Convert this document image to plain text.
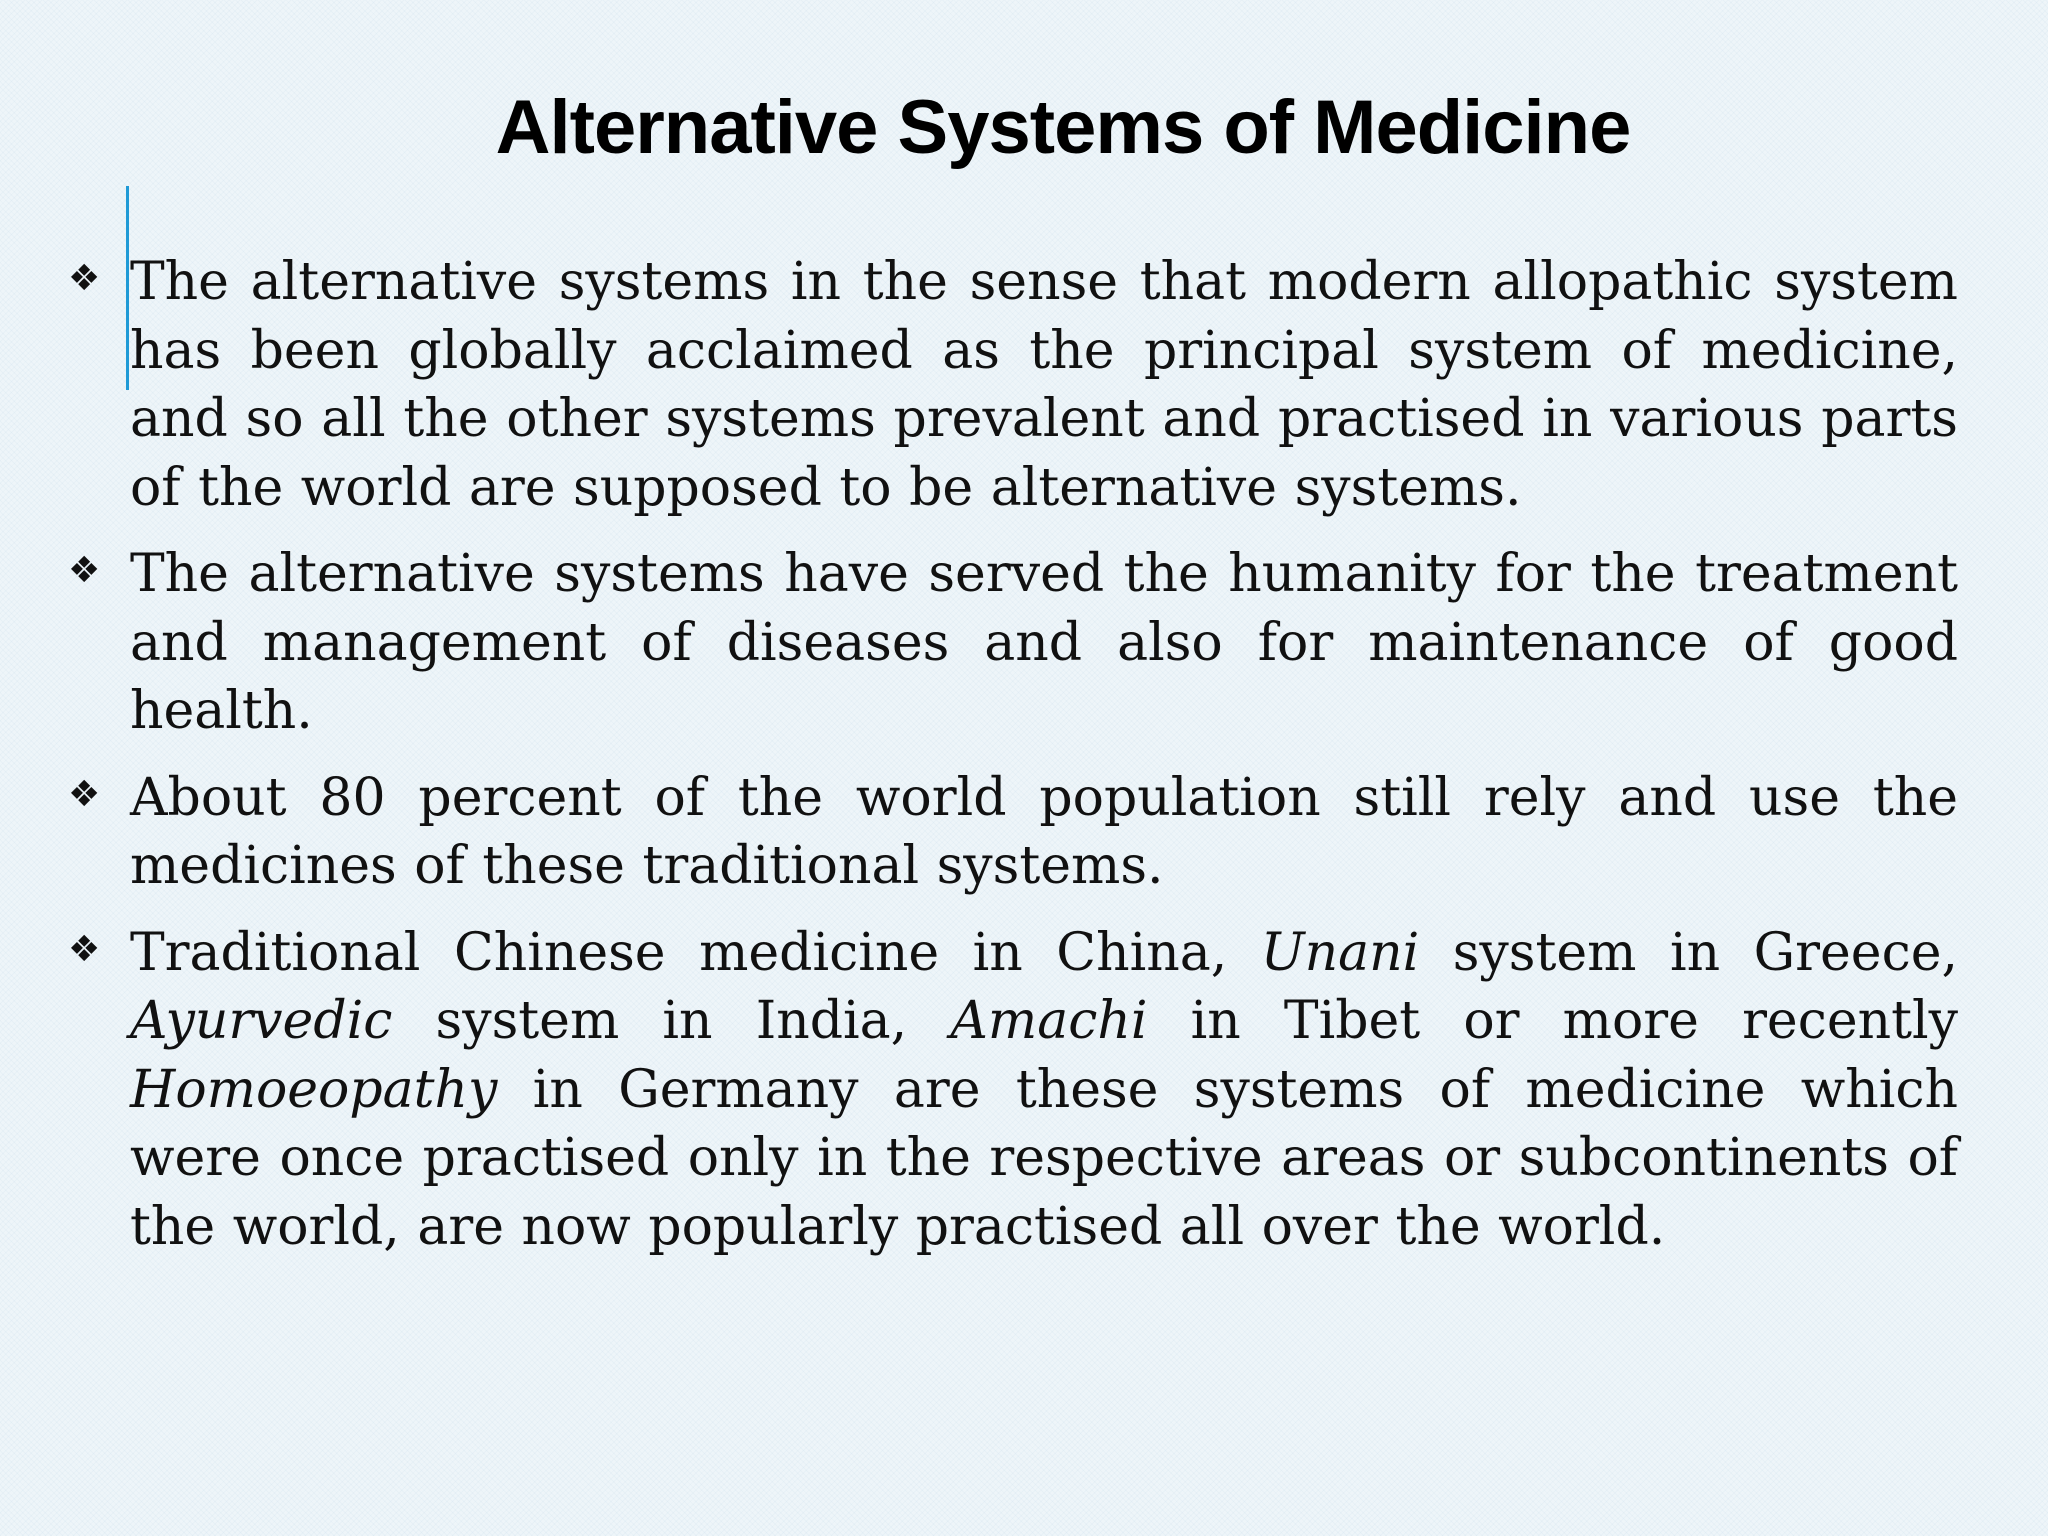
Alternative Systems of Medicine
❖ The alternative systems in the sense that modern allopathic system has been globally acclaimed as the principal system of medicine, and so all the other systems prevalent and practised in various parts of the world are supposed to be alternative systems.
❖ The alternative systems have served the humanity for the treatment and management of diseases and also for maintenance of good health.
❖ About 80 percent of the world population still rely and use the medicines of these traditional systems.
❖ Traditional Chinese medicine in China, Unani system in Greece, Ayurvedic system in India, Amachi in Tibet or more recently Homoeopathy in Germany are these systems of medicine which were once practised only in the respective areas or subcontinents of the world, are now popularly practised all over the world.
